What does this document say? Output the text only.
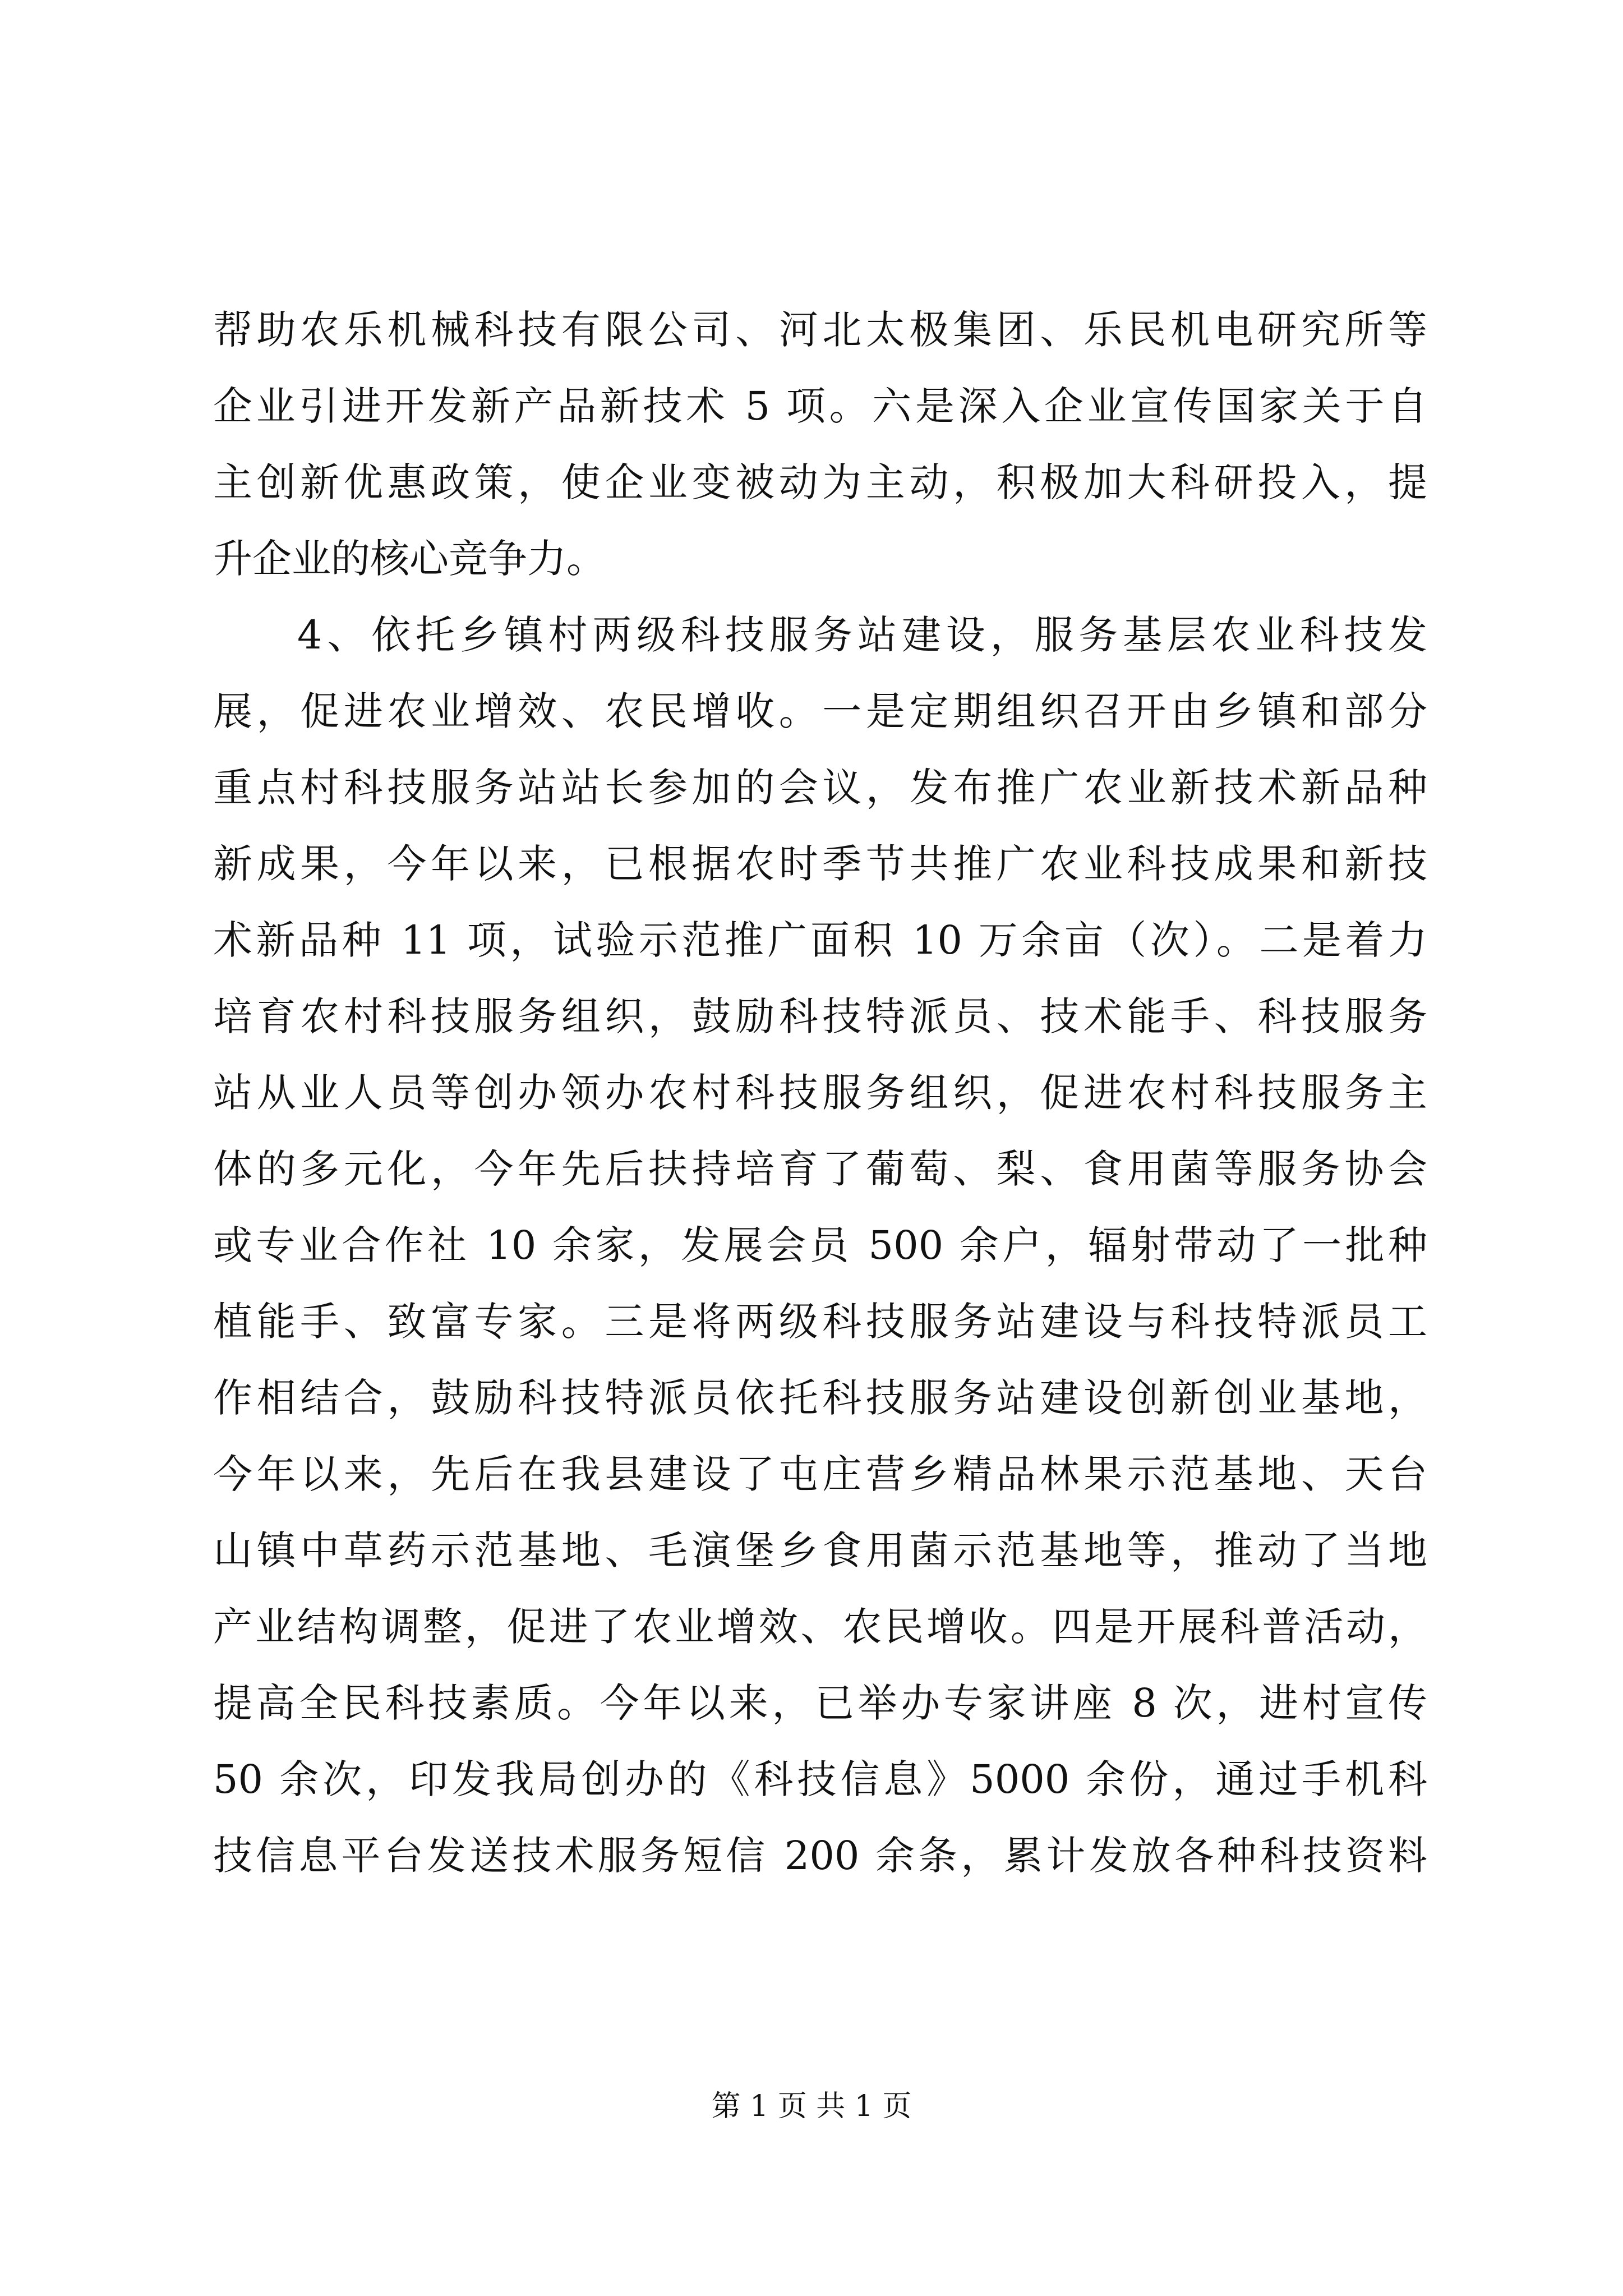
帮助农乐机械科技有限公司、河北太极集团、乐民机电研究所等
企业引进开发新产品新技术 5 项。六是深入企业宣传国家关于自
主创新优惠政策，使企业变被动为主动，积极加大科研投入，提
升企业的核心竞争力。
4、依托乡镇村两级科技服务站建设，服务基层农业科技发
展，促进农业增效、农民增收。一是定期组织召开由乡镇和部分
重点村科技服务站站长参加的会议，发布推广农业新技术新品种
新成果，今年以来，已根据农时季节共推广农业科技成果和新技
术新品种 11 项，试验示范推广面积 10 万余亩（次）。二是着力
培育农村科技服务组织，鼓励科技特派员、技术能手、科技服务
站从业人员等创办领办农村科技服务组织，促进农村科技服务主
体的多元化，今年先后扶持培育了葡萄、梨、食用菌等服务协会
或专业合作社 10 余家，发展会员 500 余户，辐射带动了一批种
植能手、致富专家。三是将两级科技服务站建设与科技特派员工
作相结合，鼓励科技特派员依托科技服务站建设创新创业基地，
今年以来，先后在我县建设了屯庄营乡精品林果示范基地、天台
山镇中草药示范基地、毛演堡乡食用菌示范基地等，推动了当地
产业结构调整，促进了农业增效、农民增收。四是开展科普活动，
提高全民科技素质。今年以来，已举办专家讲座 8 次，进村宣传
50 余次，印发我局创办的《科技信息》5000 余份，通过手机科
技信息平台发送技术服务短信 200 余条，累计发放各种科技资料
第 1 页 共 1 页
